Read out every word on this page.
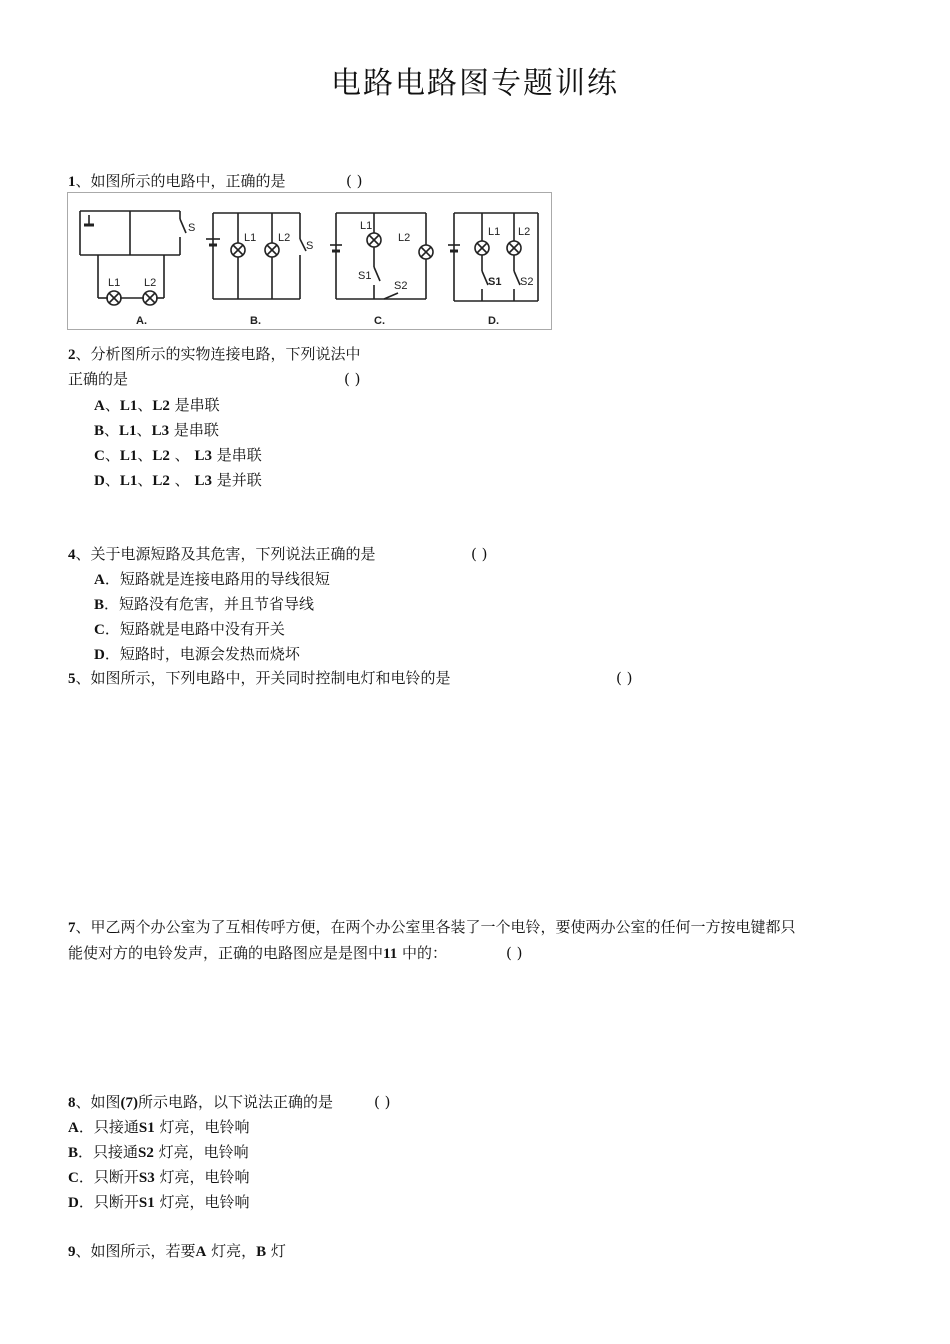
电路电路图专题训练
1、如图所示的电路中，正确的是	( )
S
L1 L2
A.
L1 L2
S
B.
L1
L2
S1
S2
C.
L1 L2
S1 S2
D.
2、分析图所示的实物连接电路，下列说法中
正确的是	( )
A、L1、L2 是串联
B、L1、L3 是串联
C、L1、L2 、 L3 是串联
D、L1、L2 、 L3 是并联
4、关于电源短路及其危害，下列说法正确的是	( )
A．短路就是连接电路用的导线很短
B．短路没有危害，并且节省导线
C．短路就是电路中没有开关
D．短路时，电源会发热而烧坏
5、如图所示，下列电路中，开关同时控制电灯和电铃的是	( )
7、甲乙两个办公室为了互相传呼方便，在两个办公室里各装了一个电铃，要使两办公室的任何一方按电键都只
能使对方的电铃发声，正确的电路图应是是图中11 中的：	( )
8、如图(7)所示电路，以下说法正确的是	( )
A．只接通S1 灯亮，电铃响
B．只接通S2 灯亮，电铃响
C．只断开S3 灯亮，电铃响
D．只断开S1 灯亮，电铃响
9、如图所示，若要A 灯亮，B 灯
